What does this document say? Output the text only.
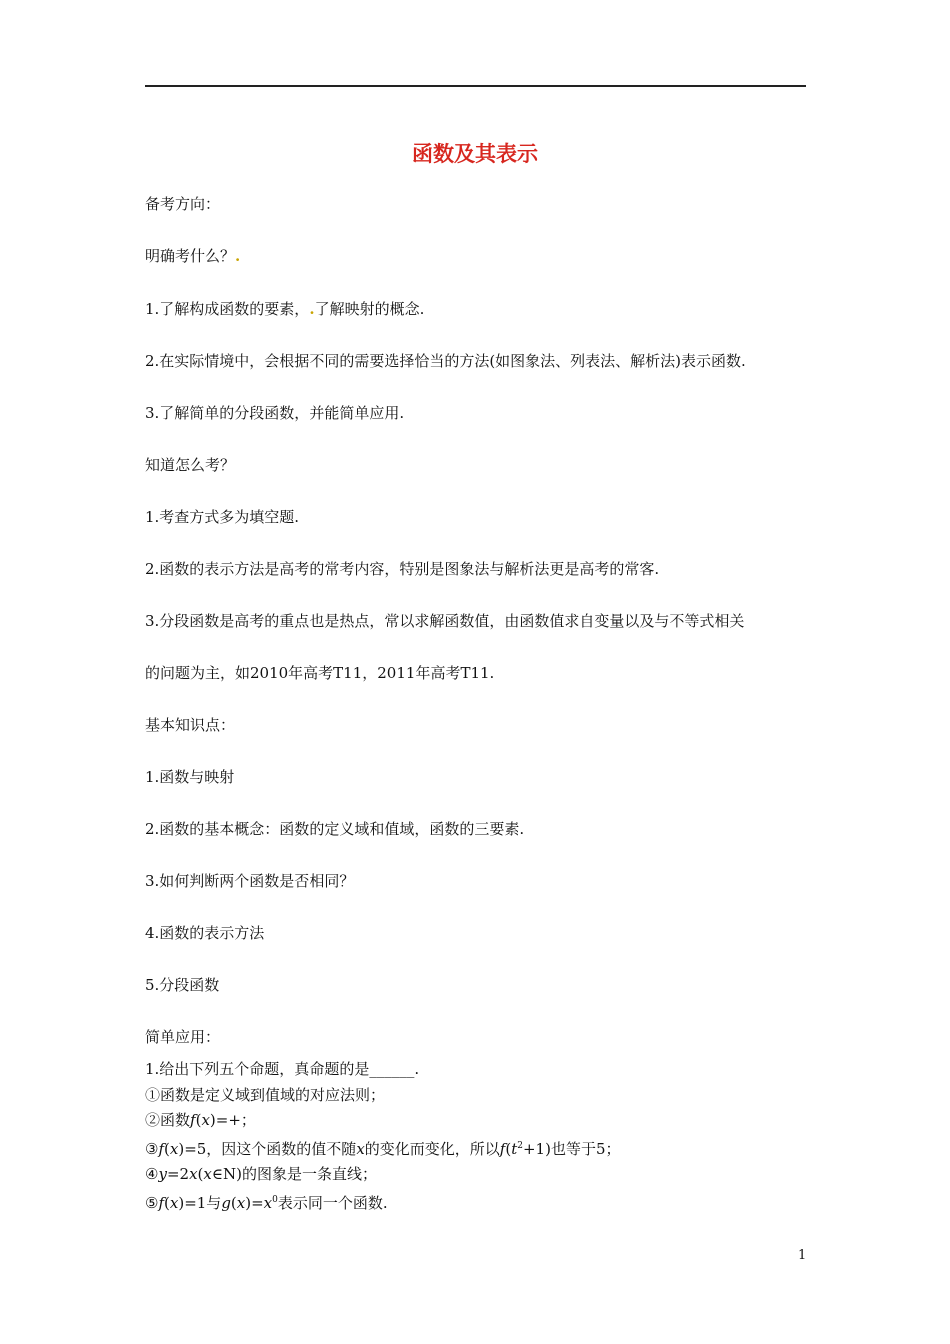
函数及其表示
备考方向：
明确考什么？.
1.了解构成函数的要素，.了解映射的概念.
2.在实际情境中，会根据不同的需要选择恰当的方法(如图象法、列表法、解析法)表示函数.
3.了解简单的分段函数，并能简单应用.
知道怎么考？
1.考查方式多为填空题.
2.函数的表示方法是高考的常考内容，特别是图象法与解析法更是高考的常客.
3.分段函数是高考的重点也是热点，常以求解函数值，由函数值求自变量以及与不等式相关
的问题为主，如2010年高考T11，2011年高考T11.
基本知识点：
1.函数与映射
2.函数的基本概念：函数的定义域和值域，函数的三要素.
3.如何判断两个函数是否相同？
4.函数的表示方法
5.分段函数
简单应用：
1.给出下列五个命题，真命题的是______.
①函数是定义域到值域的对应法则；
②函数f(x)=+；
③f(x)=5，因这个函数的值不随x的变化而变化，所以$f(t^2+1)$也等于5；
④y=2x(x∈N)的图象是一条直线；
⑤f(x)=1与$g(x)=x^0$表示同一个函数.
1
